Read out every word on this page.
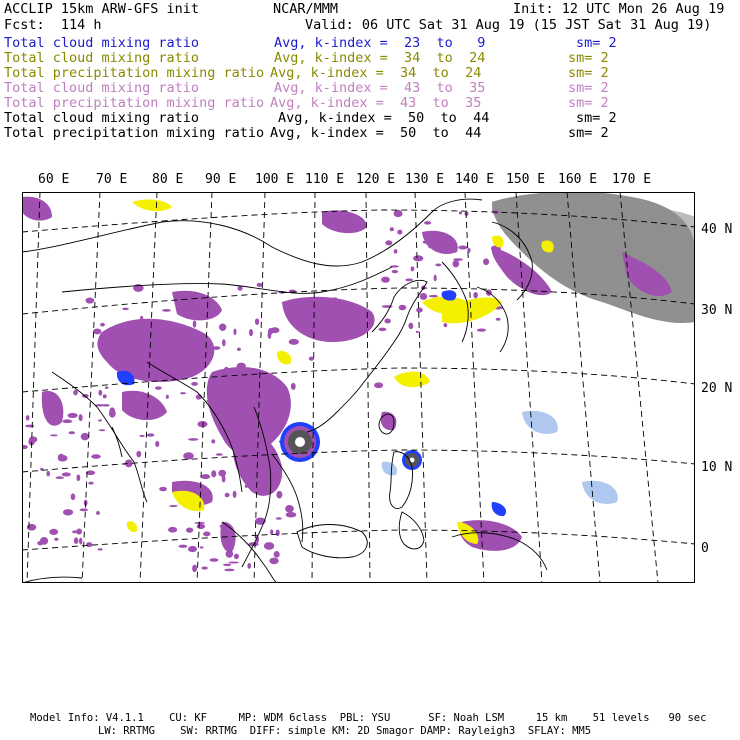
ACCLIP 15km ARW-GFS init	NCAR/MMM	Init: 12 UTC Mon 26 Aug 19
Fcst:  114 h	Valid: 06 UTC Sat 31 Aug 19 (15 JST Sat 31 Aug 19)
Total cloud mixing ratio	Avg, k-index =  23  to   9	sm= 2
Total cloud mixing ratio	Avg, k-index =  34  to  24	sm= 2
Total precipitation mixing ratio Avg, k-index =  34  to  24	sm= 2
Total cloud mixing ratio	Avg, k-index =  43  to  35	sm= 2
Total precipitation mixing ratio Avg, k-index =  43  to  35	sm= 2
Total cloud mixing ratio	Avg, k-index =  50  to  44	sm= 2
Total precipitation mixing ratio Avg, k-index =  50  to  44	sm= 2
60 E 70 E 80 E 90 E 100 E 110 E 120 E 130 E 140 E 150 E 160 E 170 E
40 N
30 N
20 N
10 N
0
Model Info: V4.1.1    CU: KF     MP: WDM 6class  PBL: YSU      SF: Noah LSM     15 km    51 levels   90 sec
LW: RRTMG    SW: RRTMG  DIFF: simple KM: 2D Smagor DAMP: Rayleigh3  SFLAY: MM5
